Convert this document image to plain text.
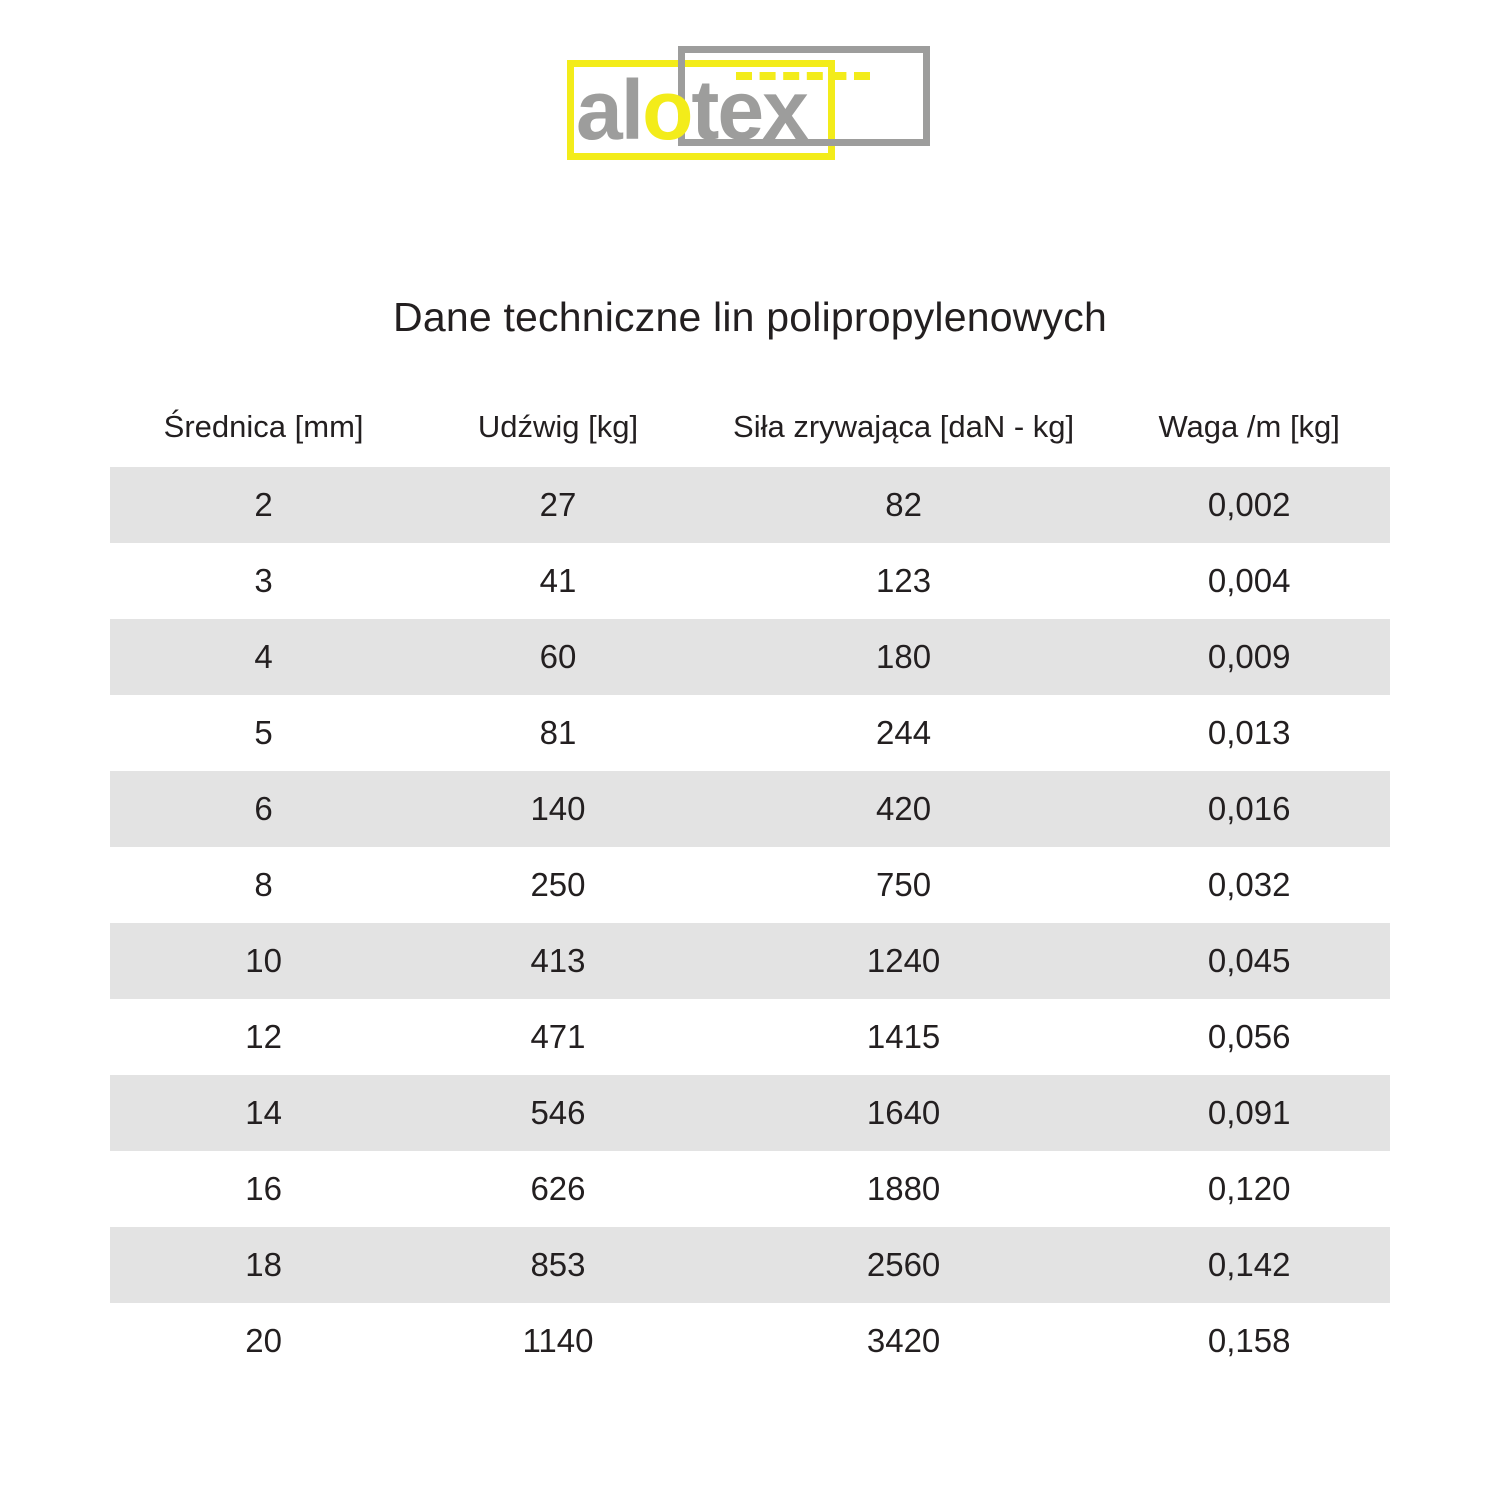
alotex
Dane techniczne lin polipropylenowych
Średnica [mm]	Udźwig [kg]	Siła zrywająca [daN - kg]	Waga /m [kg]
2	27	82	0,002
3	41	123	0,004
4	60	180	0,009
5	81	244	0,013
6	140	420	0,016
8	250	750	0,032
10	413	1240	0,045
12	471	1415	0,056
14	546	1640	0,091
16	626	1880	0,120
18	853	2560	0,142
20	1140	3420	0,158
